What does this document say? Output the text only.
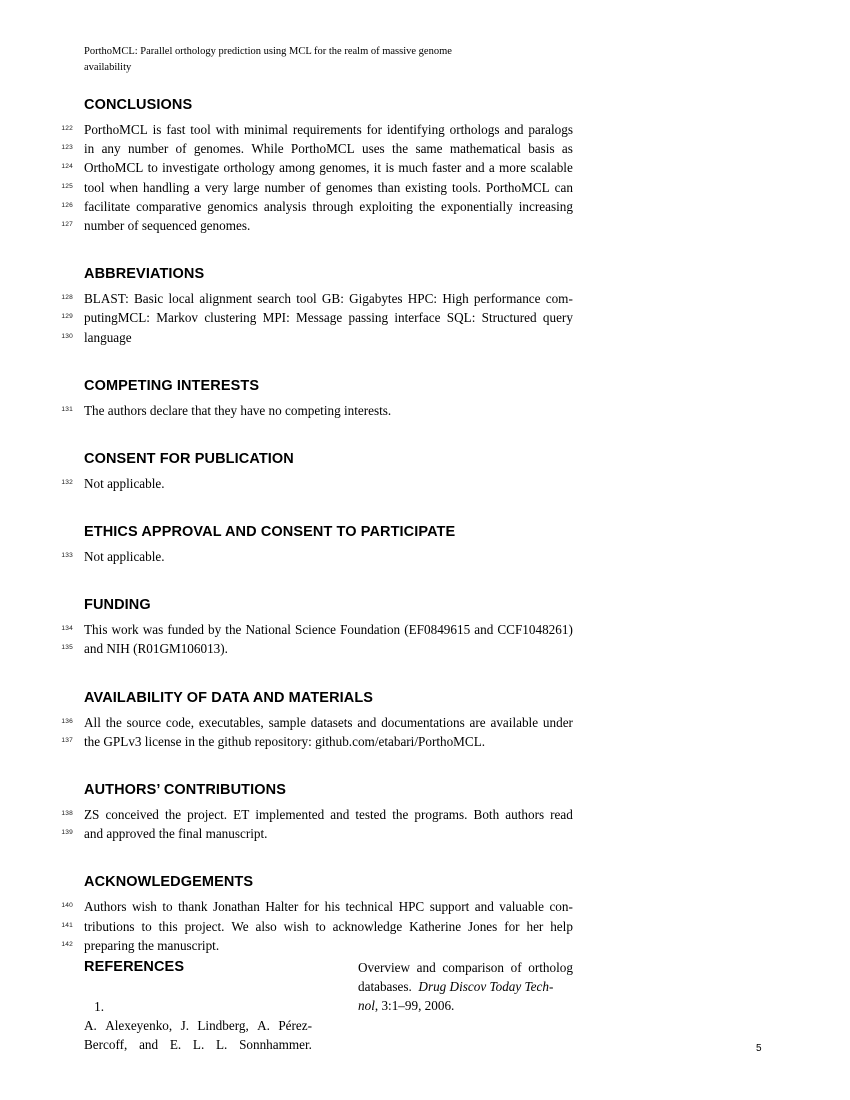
PorthoMCL: Parallel orthology prediction using MCL for the realm of massive genome
availability
CONCLUSIONS
122 PorthoMCL is fast tool with minimal requirements for identifying orthologs and paralogs
123 in any number of genomes. While PorthoMCL uses the same mathematical basis as
124 OrthoMCL to investigate orthology among genomes, it is much faster and a more scalable
125 tool when handling a very large number of genomes than existing tools. PorthoMCL can
126 facilitate comparative genomics analysis through exploiting the exponentially increasing
127 number of sequenced genomes.
ABBREVIATIONS
128 BLAST: Basic local alignment search tool GB: Gigabytes HPC: High performance com-
129 putingMCL: Markov clustering MPI: Message passing interface SQL: Structured query
130 language
COMPETING INTERESTS
131 The authors declare that they have no competing interests.
CONSENT FOR PUBLICATION
132 Not applicable.
ETHICS APPROVAL AND CONSENT TO PARTICIPATE
133 Not applicable.
FUNDING
134 This work was funded by the National Science Foundation (EF0849615 and CCF1048261)
135 and NIH (R01GM106013).
AVAILABILITY OF DATA AND MATERIALS
136 All the source code, executables, sample datasets and documentations are available under
137 the GPLv3 license in the github repository: github.com/etabari/PorthoMCL.
AUTHORS’ CONTRIBUTIONS
138 ZS conceived the project. ET implemented and tested the programs. Both authors read
139 and approved the final manuscript.
ACKNOWLEDGEMENTS
140 Authors wish to thank Jonathan Halter for his technical HPC support and valuable con-
141 tributions to this project. We also wish to acknowledge Katherine Jones for her help
142 preparing the manuscript.
REFERENCES
1.
A. Alexeyenko, J. Lindberg, A. Pérez-
Bercoff, and E. L. L. Sonnhammer.
Overview and comparison of ortholog
databases. Drug Discov Today Tech-
nol, 3:1–99, 2006.
5
